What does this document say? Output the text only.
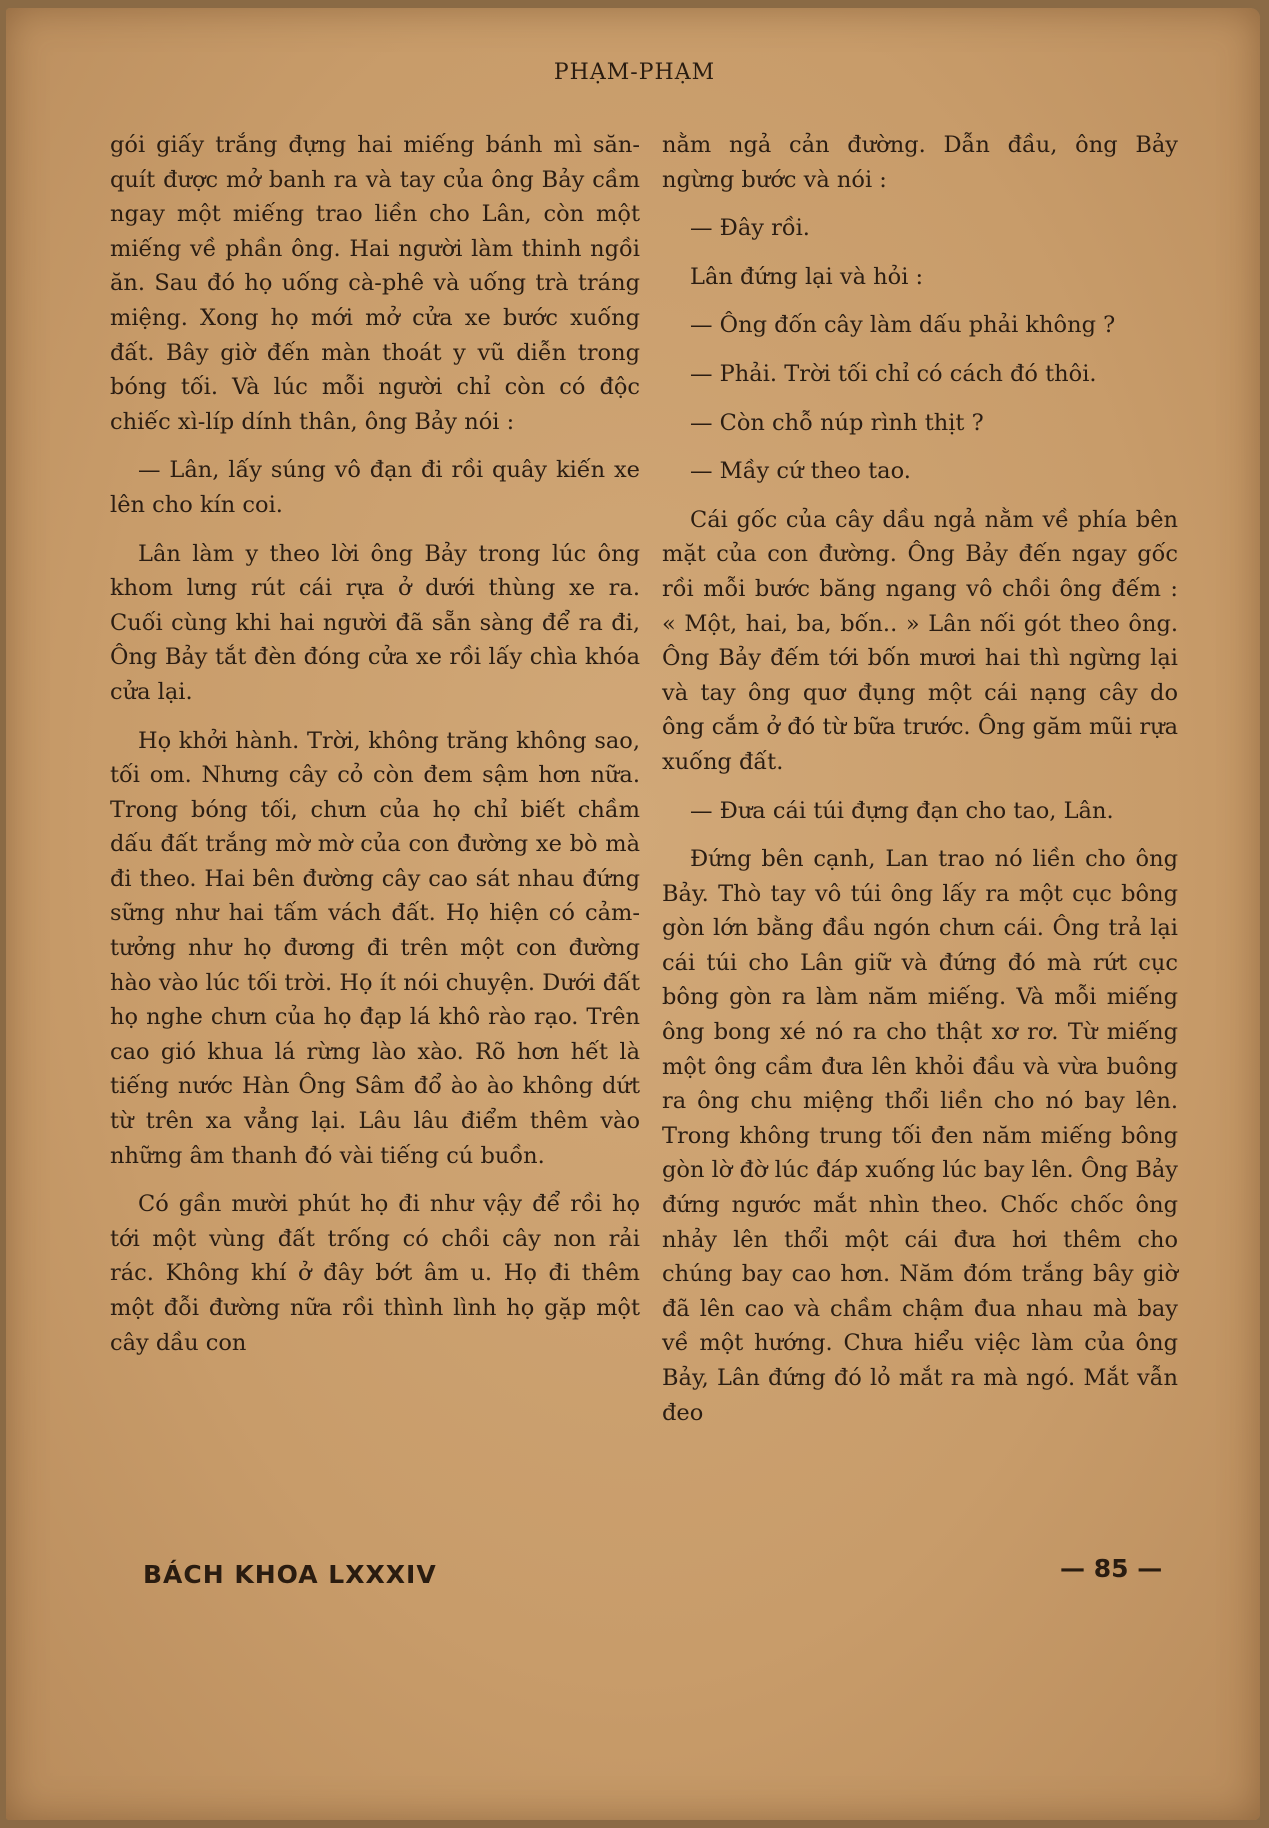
PHẠM-PHẠM

gói giấy trắng đựng hai miếng bánh mì săn-quít được mở banh ra và tay của ông Bảy cầm ngay một miếng trao liền cho Lân, còn một miếng về phần ông. Hai người làm thinh ngồi ăn. Sau đó họ uống cà-phê và uống trà tráng miệng. Xong họ mới mở cửa xe bước xuống đất. Bây giờ đến màn thoát y vũ diễn trong bóng tối. Và lúc mỗi người chỉ còn có độc chiếc xì-líp dính thân, ông Bảy nói :

— Lân, lấy súng vô đạn đi rồi quây kiến xe lên cho kín coi.

Lân làm y theo lời ông Bảy trong lúc ông khom lưng rút cái rựa ở dưới thùng xe ra. Cuối cùng khi hai người đã sẵn sàng để ra đi, Ông Bảy tắt đèn đóng cửa xe rồi lấy chìa khóa cửa lại.

Họ khởi hành. Trời, không trăng không sao, tối om. Nhưng cây cỏ còn đem sậm hơn nữa. Trong bóng tối, chưn của họ chỉ biết chầm dấu đất trắng mờ mờ của con đường xe bò mà đi theo. Hai bên đường cây cao sát nhau đứng sững như hai tấm vách đất. Họ hiện có cảm-tưởng như họ đương đi trên một con đường hào vào lúc tối trời. Họ ít nói chuyện. Dưới đất họ nghe chưn của họ đạp lá khô rào rạo. Trên cao gió khua lá rừng lào xào. Rõ hơn hết là tiếng nước Hàn Ông Sâm đổ ào ào không dứt từ trên xa vẳng lại. Lâu lâu điểm thêm vào những âm thanh đó vài tiếng cú buồn.

Có gần mười phút họ đi như vậy để rồi họ tới một vùng đất trống có chồi cây non rải rác. Không khí ở đây bớt âm u. Họ đi thêm một đỗi đường nữa rồi thình lình họ gặp một cây dầu con

nằm ngả cản đường. Dẫn đầu, ông Bảy ngừng bước và nói :

— Đây rồi.

Lân đứng lại và hỏi :

— Ông đốn cây làm dấu phải không ?

— Phải. Trời tối chỉ có cách đó thôi.

— Còn chỗ núp rình thịt ?

— Mầy cứ theo tao.

Cái gốc của cây dầu ngả nằm về phía bên mặt của con đường. Ông Bảy đến ngay gốc rồi mỗi bước băng ngang vô chồi ông đếm : « Một, hai, ba, bốn.. » Lân nối gót theo ông. Ông Bảy đếm tới bốn mươi hai thì ngừng lại và tay ông quơ đụng một cái nạng cây do ông cắm ở đó từ bữa trước. Ông găm mũi rựa xuống đất.

— Đưa cái túi đựng đạn cho tao, Lân.

Đứng bên cạnh, Lan trao nó liền cho ông Bảy. Thò tay vô túi ông lấy ra một cục bông gòn lớn bằng đầu ngón chưn cái. Ông trả lại cái túi cho Lân giữ và đứng đó mà rứt cục bông gòn ra làm năm miếng. Và mỗi miếng ông bong xé nó ra cho thật xơ rơ. Từ miếng một ông cầm đưa lên khỏi đầu và vừa buông ra ông chu miệng thổi liền cho nó bay lên. Trong không trung tối đen năm miếng bông gòn lờ đờ lúc đáp xuống lúc bay lên. Ông Bảy đứng ngước mắt nhìn theo. Chốc chốc ông nhảy lên thổi một cái đưa hơi thêm cho chúng bay cao hơn. Năm đóm trắng bây giờ đã lên cao và chầm chậm đua nhau mà bay về một hướng. Chưa hiểu việc làm của ông Bảy, Lân đứng đó lỏ mắt ra mà ngó. Mắt vẫn đeo

BÁCH KHOA LXXXIV	— 85 —
